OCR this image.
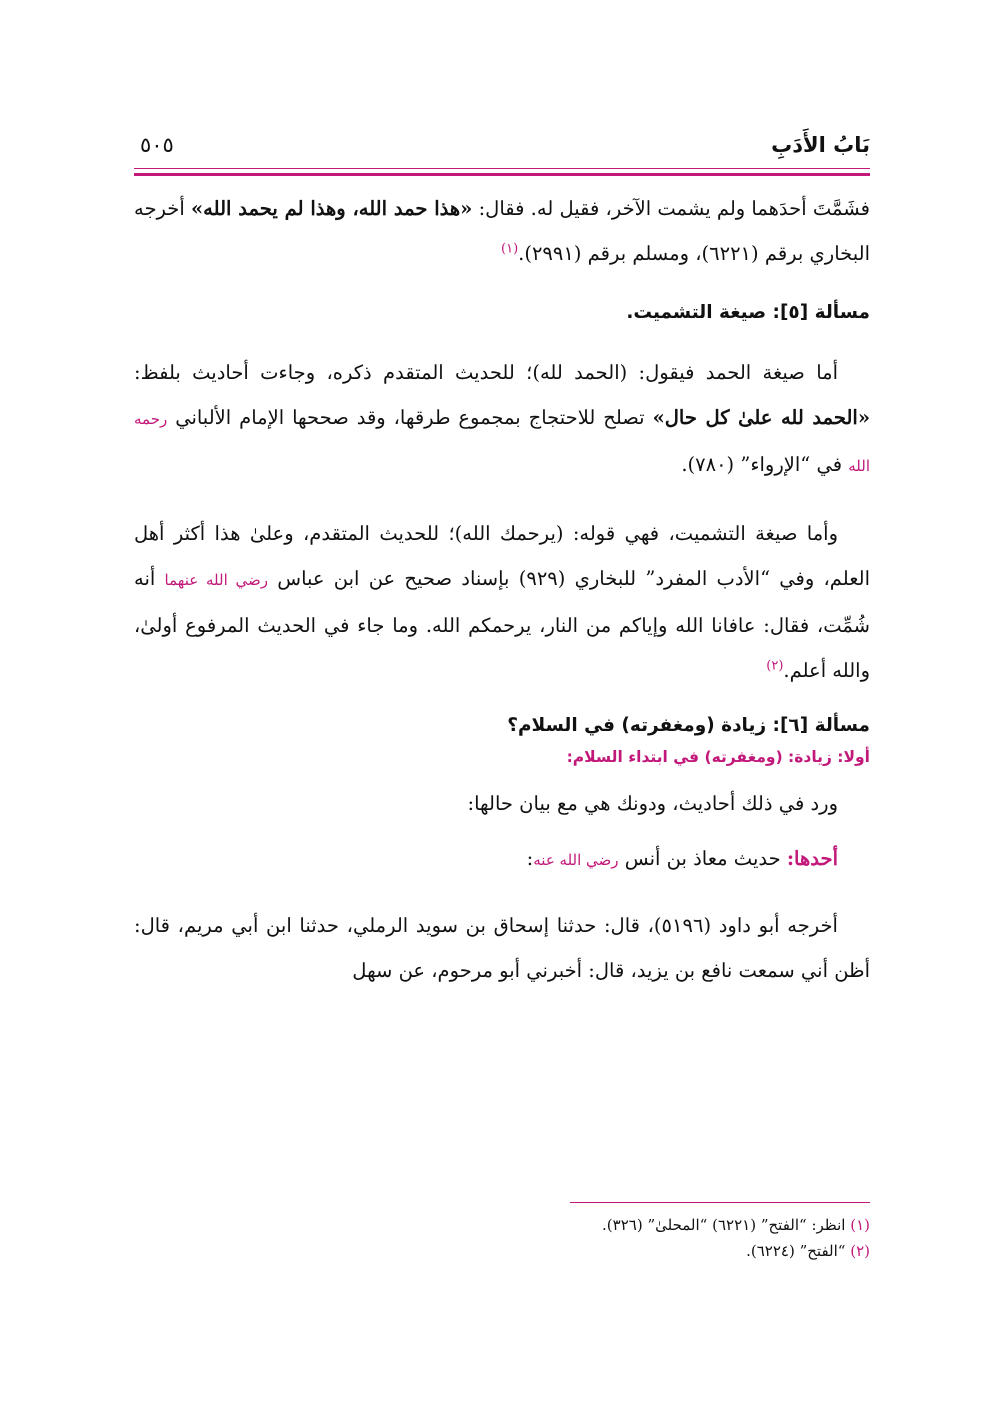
بَابُ الأَدَبِ
٥٠٥

فشَمَّتَ أحدَهما ولم يشمت الآخر، فقيل له. فقال: «هذا حمد الله، وهذا لم يحمد الله» أخرجه البخاري برقم (٦٢٢١)، ومسلم برقم (٢٩٩١).$^{(١)}$

مسألة [٥]: صيغة التشميت.

أما صيغة الحمد فيقول: (الحمد لله)؛ للحديث المتقدم ذكره، وجاءت أحاديث بلفظ: «الحمد لله علىٰ كل حال» تصلح للاحتجاج بمجموع طرقها، وقد صححها الإمام الألباني رحمه الله في “الإرواء” (٧٨٠).

وأما صيغة التشميت، فهي قوله: (يرحمك الله)؛ للحديث المتقدم، وعلىٰ هذا أكثر أهل العلم، وفي “الأدب المفرد” للبخاري (٩٢٩) بإسناد صحيح عن ابن عباس رضي الله عنهما أنه شُمِّت، فقال: عافانا الله وإياكم من النار، يرحمكم الله. وما جاء في الحديث المرفوع أولىٰ، والله أعلم.$^{(٢)}$

مسألة [٦]: زيادة (ومغفرته) في السلام؟
أولا: زيادة: (ومغفرته) في ابتداء السلام:

ورد في ذلك أحاديث، ودونك هي مع بيان حالها:

أحدها: حديث معاذ بن أنس رضي الله عنه:

أخرجه أبو داود (٥١٩٦)، قال: حدثنا إسحاق بن سويد الرملي، حدثنا ابن أبي مريم، قال: أظن أني سمعت نافع بن يزيد، قال: أخبرني أبو مرحوم، عن سهل

(١) انظر: “الفتح” (٦٢٢١) “المحلىٰ” (٣٢٦).

(٢) “الفتح” (٦٢٢٤).
